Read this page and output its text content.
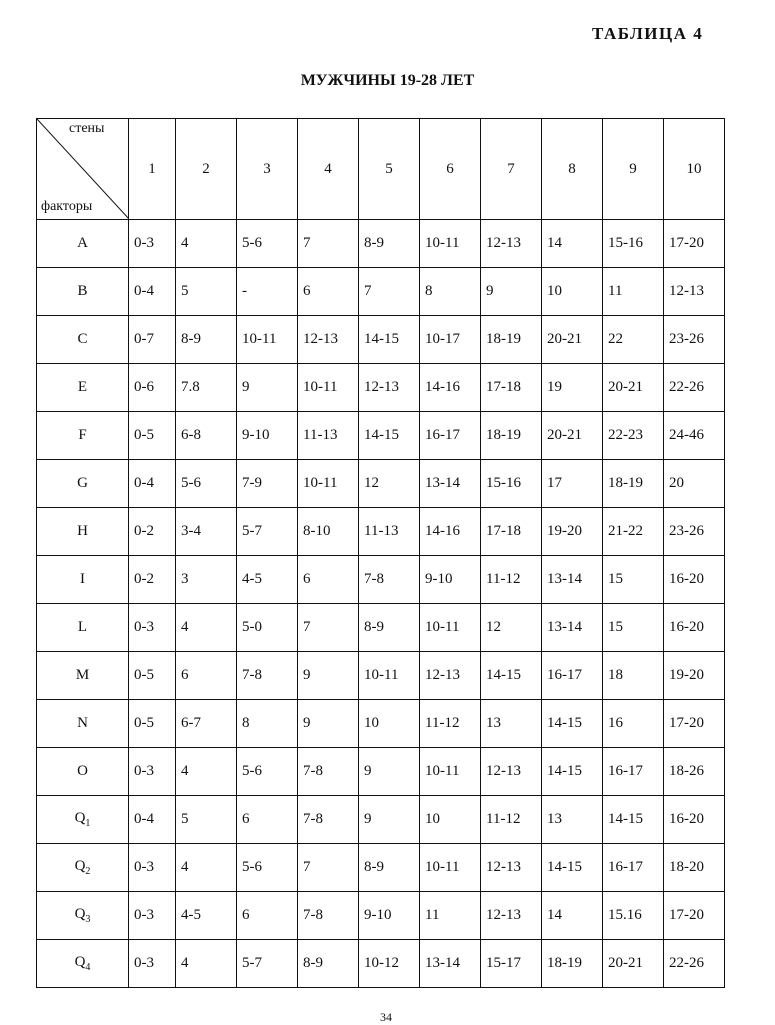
ТАБЛИЦА 4
МУЖЧИНЫ 19-28 ЛЕТ
стены
факторы	1	2	3	4	5	6	7	8	9	10
A	0-3	4	5-6	7	8-9	10-11	12-13	14	15-16	17-20
B	0-4	5	-	6	7	8	9	10	11	12-13
C	0-7	8-9	10-11	12-13	14-15	10-17	18-19	20-21	22	23-26
E	0-6	7.8	9	10-11	12-13	14-16	17-18	19	20-21	22-26
F	0-5	6-8	9-10	11-13	14-15	16-17	18-19	20-21	22-23	24-46
G	0-4	5-6	7-9	10-11	12	13-14	15-16	17	18-19	20
H	0-2	3-4	5-7	8-10	11-13	14-16	17-18	19-20	21-22	23-26
I	0-2	3	4-5	6	7-8	9-10	11-12	13-14	15	16-20
L	0-3	4	5-0	7	8-9	10-11	12	13-14	15	16-20
M	0-5	6	7-8	9	10-11	12-13	14-15	16-17	18	19-20
N	0-5	6-7	8	9	10	11-12	13	14-15	16	17-20
O	0-3	4	5-6	7-8	9	10-11	12-13	14-15	16-17	18-26
$Q_1$	0-4	5	6	7-8	9	10	11-12	13	14-15	16-20
$Q_2$	0-3	4	5-6	7	8-9	10-11	12-13	14-15	16-17	18-20
$Q_3$	0-3	4-5	6	7-8	9-10	11	12-13	14	15.16	17-20
$Q_4$	0-3	4	5-7	8-9	10-12	13-14	15-17	18-19	20-21	22-26
34
